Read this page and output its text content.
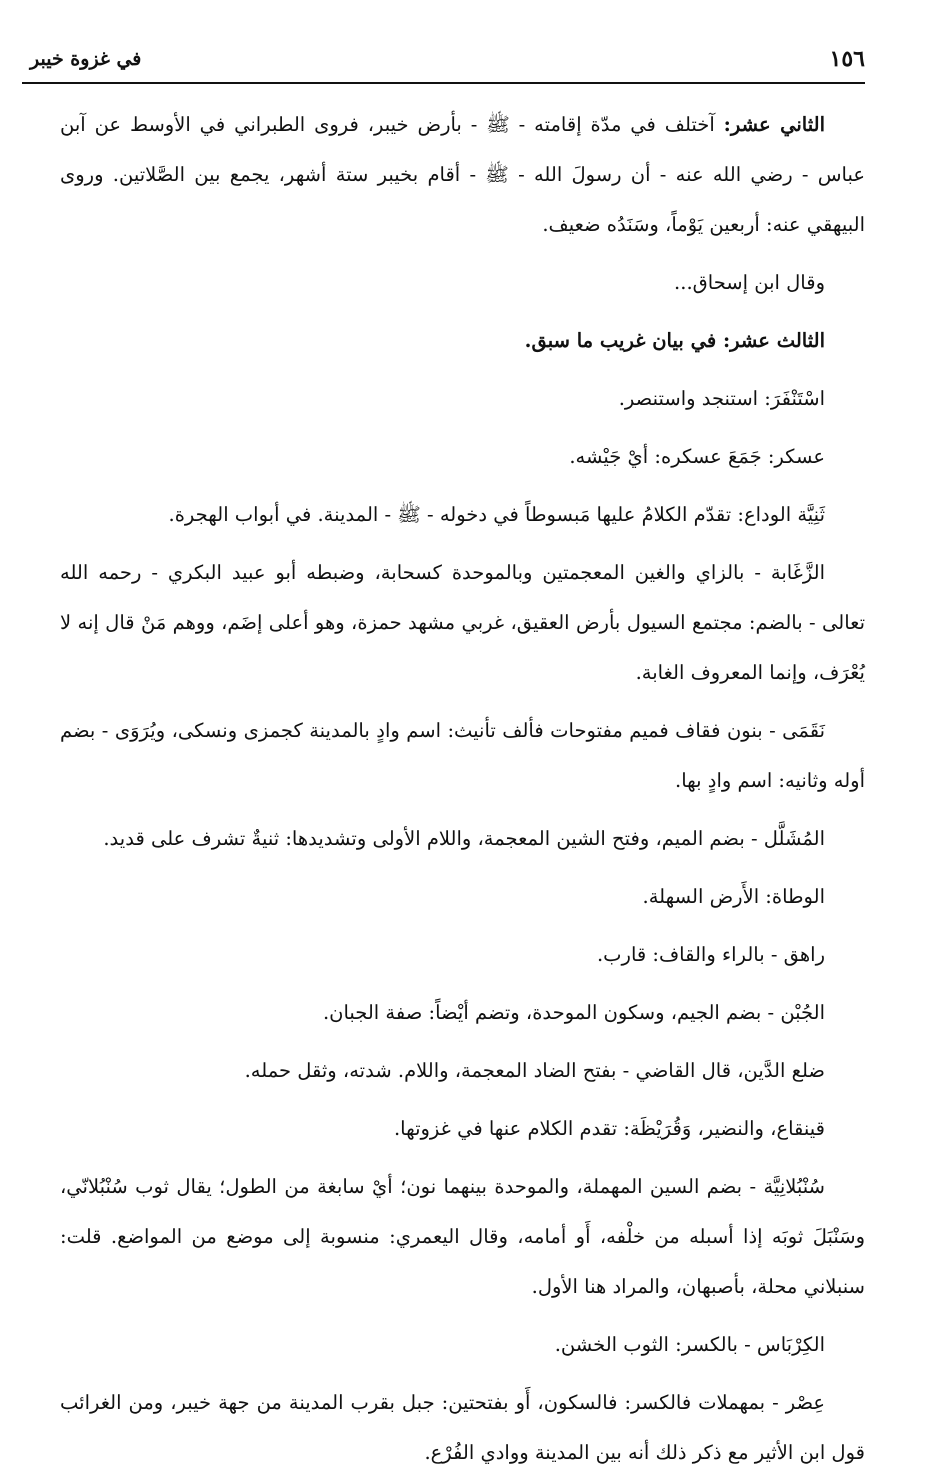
١٥٦
في غزوة خيبر

الثاني عشر: آختلف في مدّة إقامته - ﷺ - بأرض خيبر، فروى الطبراني في الأوسط عن آبن عباس - رضي الله عنه - أن رسولَ الله - ﷺ - أقام بخيبر ستة أشهر، يجمع بين الصَّلاتين. وروى البيهقي عنه: أربعين يَوْماً، وسَنَدُه ضعيف.

وقال ابن إسحاق...

الثالث عشر: في بيان غريب ما سبق.

اسْتَنْفَرَ: استنجد واستنصر.

عسكر: جَمَعَ عسكره: أيْ جَيْشه.

ثَنِيَّة الوداع: تقدّم الكلامُ عليها مَبسوطاً في دخوله - ﷺ - المدينة. في أبواب الهجرة.

الزَّغَابة - بالزاي والغين المعجمتين وبالموحدة كسحابة، وضبطه أبو عبيد البكري - رحمه الله تعالى - بالضم: مجتمع السيول بأرض العقيق، غربي مشهد حمزة، وهو أعلى إضَم، ووهم مَنْ قال إنه لا يُعْرَف، وإنما المعروف الغابة.

نَقَمَى - بنون فقاف فميم مفتوحات فألف تأنيث: اسم وادٍ بالمدينة كجمزى ونسكى، ويُرَوَى - بضم أوله وثانيه: اسم وادٍ بها.

المُشَلَّل - بضم الميم، وفتح الشين المعجمة، واللام الأولى وتشديدها: ثنيةٌ تشرف على قديد.

الوطاة: الأَرض السهلة.

راهق - بالراء والقاف: قارب.

الجُبْن - بضم الجيم، وسكون الموحدة، وتضم أيْضاً: صفة الجبان.

ضلع الدَّين، قال القاضي - بفتح الضاد المعجمة، واللام. شدته، وثقل حمله.

قينقاع، والنضير، وَقُرَيْظَة: تقدم الكلام عنها في غزوتها.

سُنْبُلانِيَّة - بضم السين المهملة، والموحدة بينهما نون؛ أيْ سابغة من الطول؛ يقال ثوب سُنْبُلانّي، وسَنْبَلَ ثوبَه إذا أسبله من خلْفه، أَو أمامه، وقال اليعمري: منسوبة إلى موضع من المواضع. قلت: سنبلاني محلة، بأصبهان، والمراد هنا الأول.

الكِرْبَاس - بالكسر: الثوب الخشن.

عِصْر - بمهملات فالكسر: فالسكون، أَو بفتحتين: جبل بقرب المدينة من جهة خيبر، ومن الغرائب قول ابن الأثير مع ذكر ذلك أنه بين المدينة ووادي الفُرْع.
